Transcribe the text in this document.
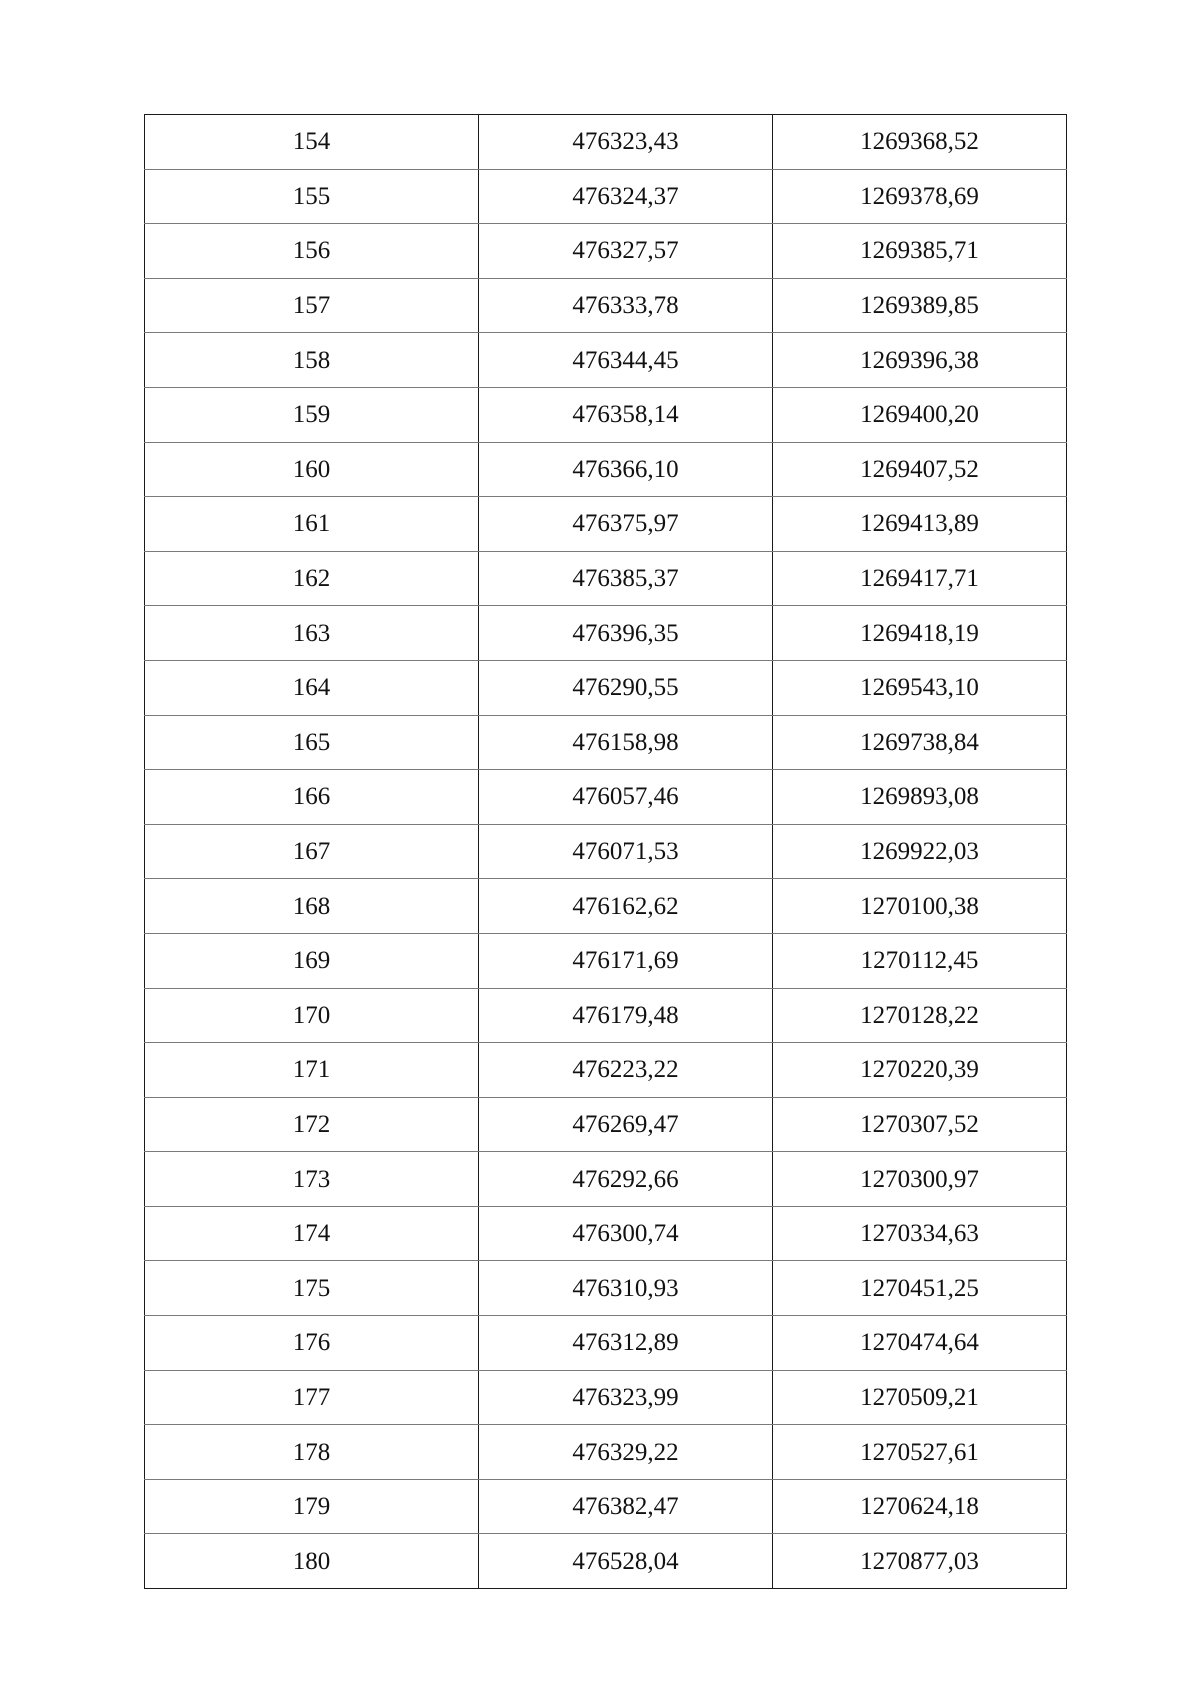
154	476323,43	1269368,52
155	476324,37	1269378,69
156	476327,57	1269385,71
157	476333,78	1269389,85
158	476344,45	1269396,38
159	476358,14	1269400,20
160	476366,10	1269407,52
161	476375,97	1269413,89
162	476385,37	1269417,71
163	476396,35	1269418,19
164	476290,55	1269543,10
165	476158,98	1269738,84
166	476057,46	1269893,08
167	476071,53	1269922,03
168	476162,62	1270100,38
169	476171,69	1270112,45
170	476179,48	1270128,22
171	476223,22	1270220,39
172	476269,47	1270307,52
173	476292,66	1270300,97
174	476300,74	1270334,63
175	476310,93	1270451,25
176	476312,89	1270474,64
177	476323,99	1270509,21
178	476329,22	1270527,61
179	476382,47	1270624,18
180	476528,04	1270877,03
